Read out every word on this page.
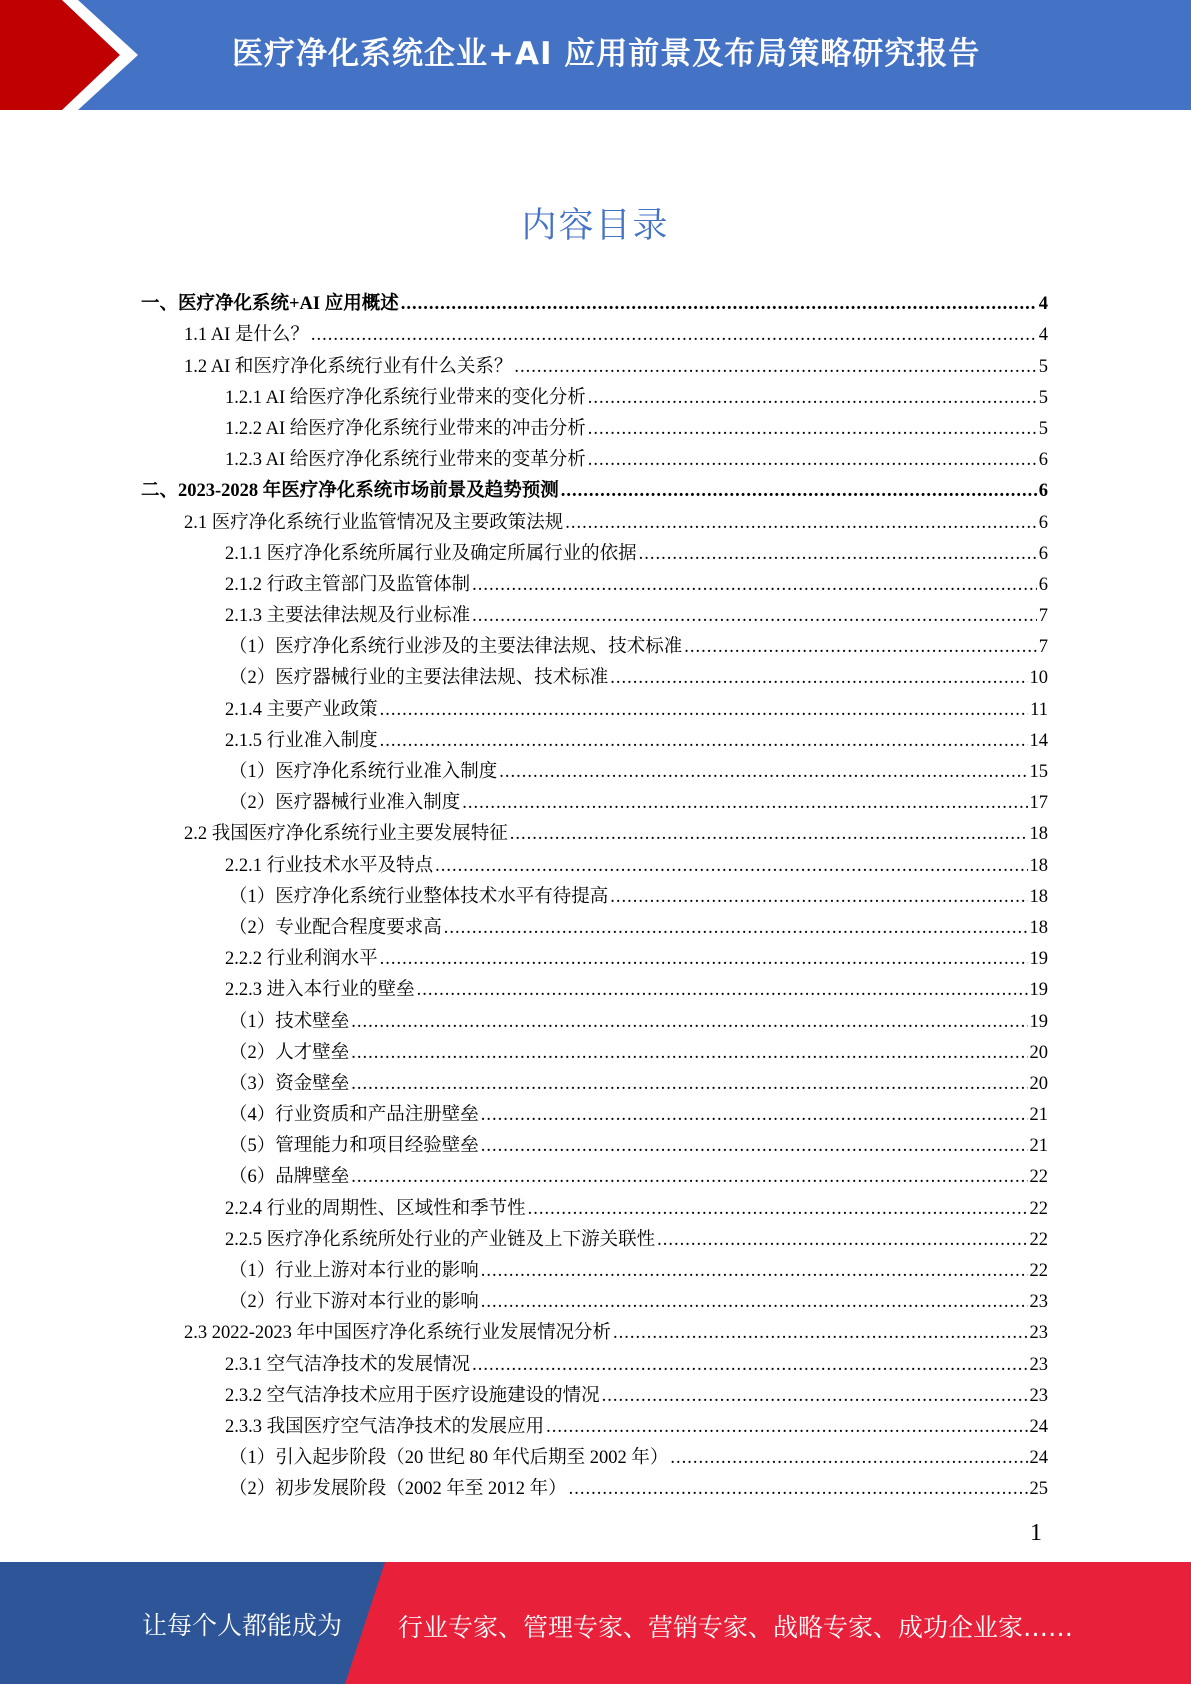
医疗净化系统企业+AI 应用前景及布局策略研究报告
内容目录
一、医疗净化系统+AI 应用概述 .....	4
1.1 AI 是什么？ .....	4
1.2 AI 和医疗净化系统行业有什么关系？ .....	5
1.2.1 AI 给医疗净化系统行业带来的变化分析 .....	5
1.2.2 AI 给医疗净化系统行业带来的冲击分析 .....	5
1.2.3 AI 给医疗净化系统行业带来的变革分析 .....	6
二、2023-2028 年医疗净化系统市场前景及趋势预测 .....	6
2.1 医疗净化系统行业监管情况及主要政策法规 .....	6
2.1.1 医疗净化系统所属行业及确定所属行业的依据 .....	6
2.1.2 行政主管部门及监管体制 .....	6
2.1.3 主要法律法规及行业标准 .....	7
（1）医疗净化系统行业涉及的主要法律法规、技术标准 .....	7
（2）医疗器械行业的主要法律法规、技术标准 .....	10
2.1.4 主要产业政策 .....	11
2.1.5 行业准入制度 .....	14
（1）医疗净化系统行业准入制度 .....	15
（2）医疗器械行业准入制度 .....	17
2.2 我国医疗净化系统行业主要发展特征 .....	18
2.2.1 行业技术水平及特点 .....	18
（1）医疗净化系统行业整体技术水平有待提高 .....	18
（2）专业配合程度要求高 .....	18
2.2.2 行业利润水平 .....	19
2.2.3 进入本行业的壁垒 .....	19
（1）技术壁垒 .....	19
（2）人才壁垒 .....	20
（3）资金壁垒 .....	20
（4）行业资质和产品注册壁垒 .....	21
（5）管理能力和项目经验壁垒 .....	21
（6）品牌壁垒 .....	22
2.2.4 行业的周期性、区域性和季节性 .....	22
2.2.5 医疗净化系统所处行业的产业链及上下游关联性 .....	22
（1）行业上游对本行业的影响 .....	22
（2）行业下游对本行业的影响 .....	23
2.3 2022-2023 年中国医疗净化系统行业发展情况分析 .....	23
2.3.1 空气洁净技术的发展情况 .....	23
2.3.2 空气洁净技术应用于医疗设施建设的情况 .....	23
2.3.3 我国医疗空气洁净技术的发展应用 .....	24
（1）引入起步阶段（20 世纪 80 年代后期至 2002 年） .....	24
（2）初步发展阶段（2002 年至 2012 年） .....	25
1
让每个人都能成为 行业专家、管理专家、营销专家、战略专家、成功企业家……
